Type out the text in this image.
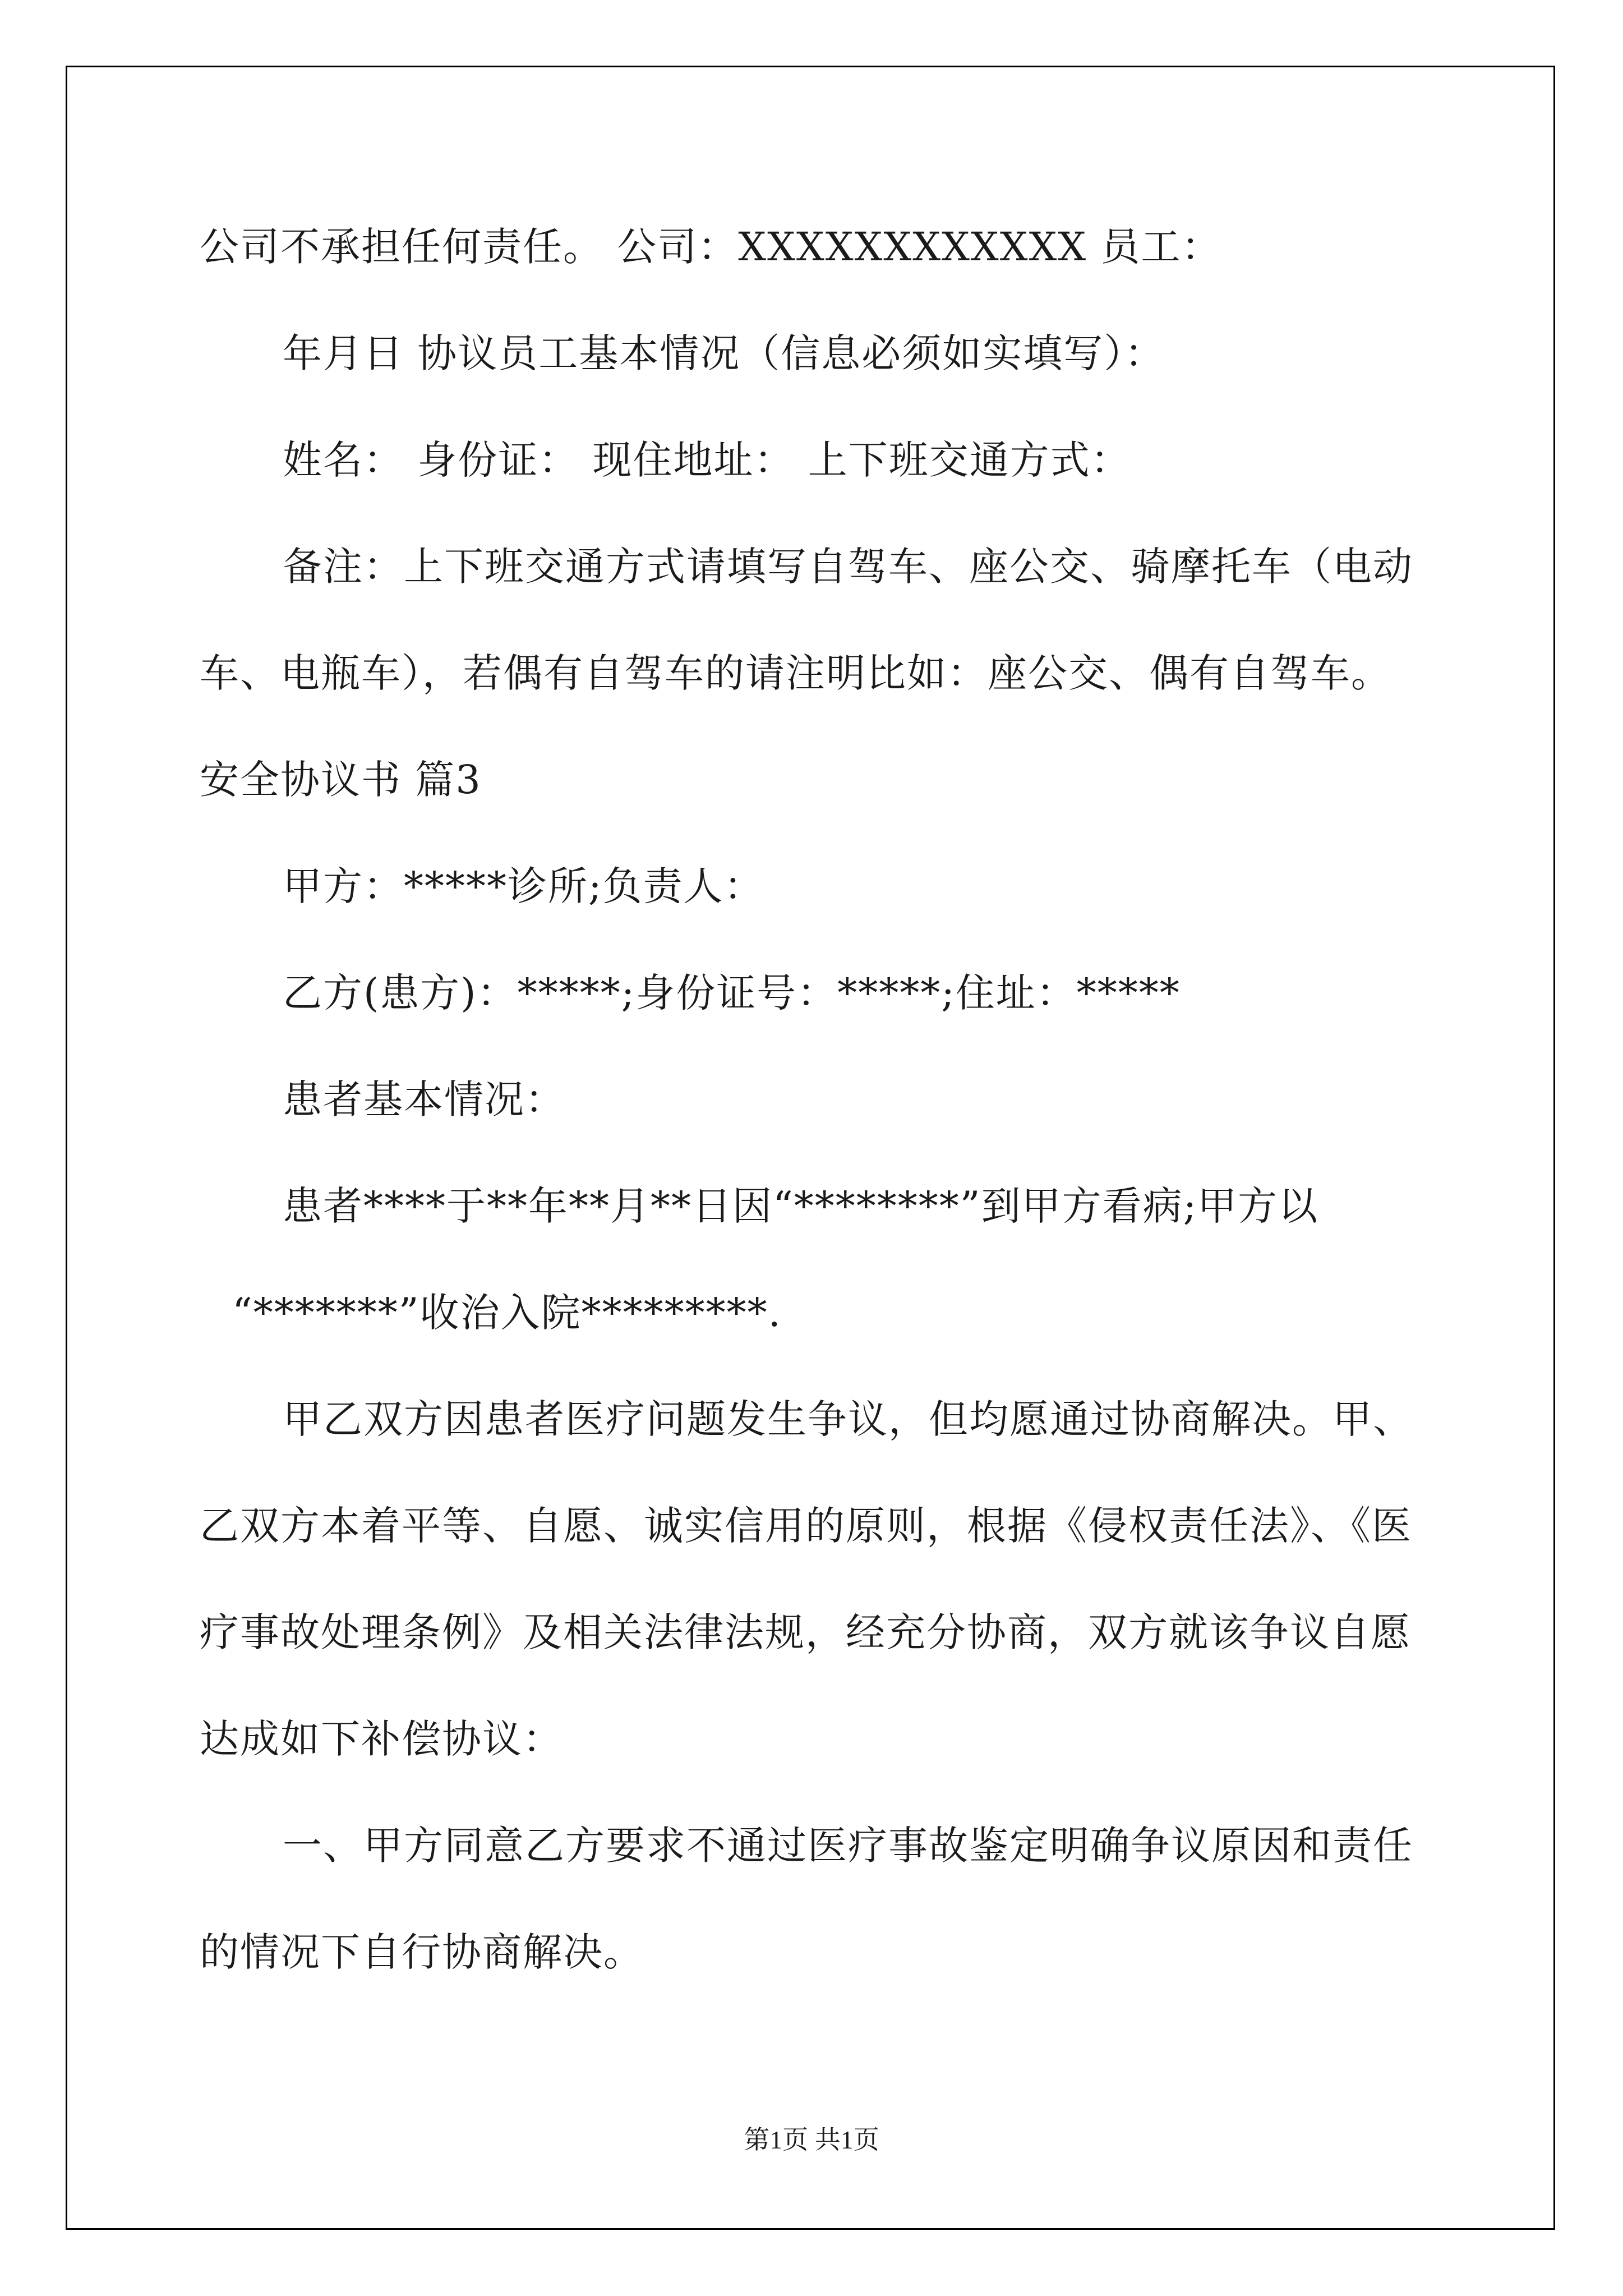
公司不承担任何责任。 公司：XXXXXXXXXXXX 员工：
年月日 协议员工基本情况（信息必须如实填写）：
姓名： 身份证： 现住地址： 上下班交通方式：
备注：上下班交通方式请填写自驾车、座公交、骑摩托车（电动
车、电瓶车），若偶有自驾车的请注明比如：座公交、偶有自驾车。
安全协议书 篇3
甲方：*****诊所;负责人：
乙方(患方)：*****;身份证号：*****;住址：*****
患者基本情况：
患者****于**年**月**日因“********”到甲方看病;甲方以
“*******”收治入院*********.
甲乙双方因患者医疗问题发生争议，但均愿通过协商解决。甲、
乙双方本着平等、自愿、诚实信用的原则，根据《侵权责任法》、《医
疗事故处理条例》及相关法律法规，经充分协商，双方就该争议自愿
达成如下补偿协议：
一、甲方同意乙方要求不通过医疗事故鉴定明确争议原因和责任
的情况下自行协商解决。
第1页 共1页
